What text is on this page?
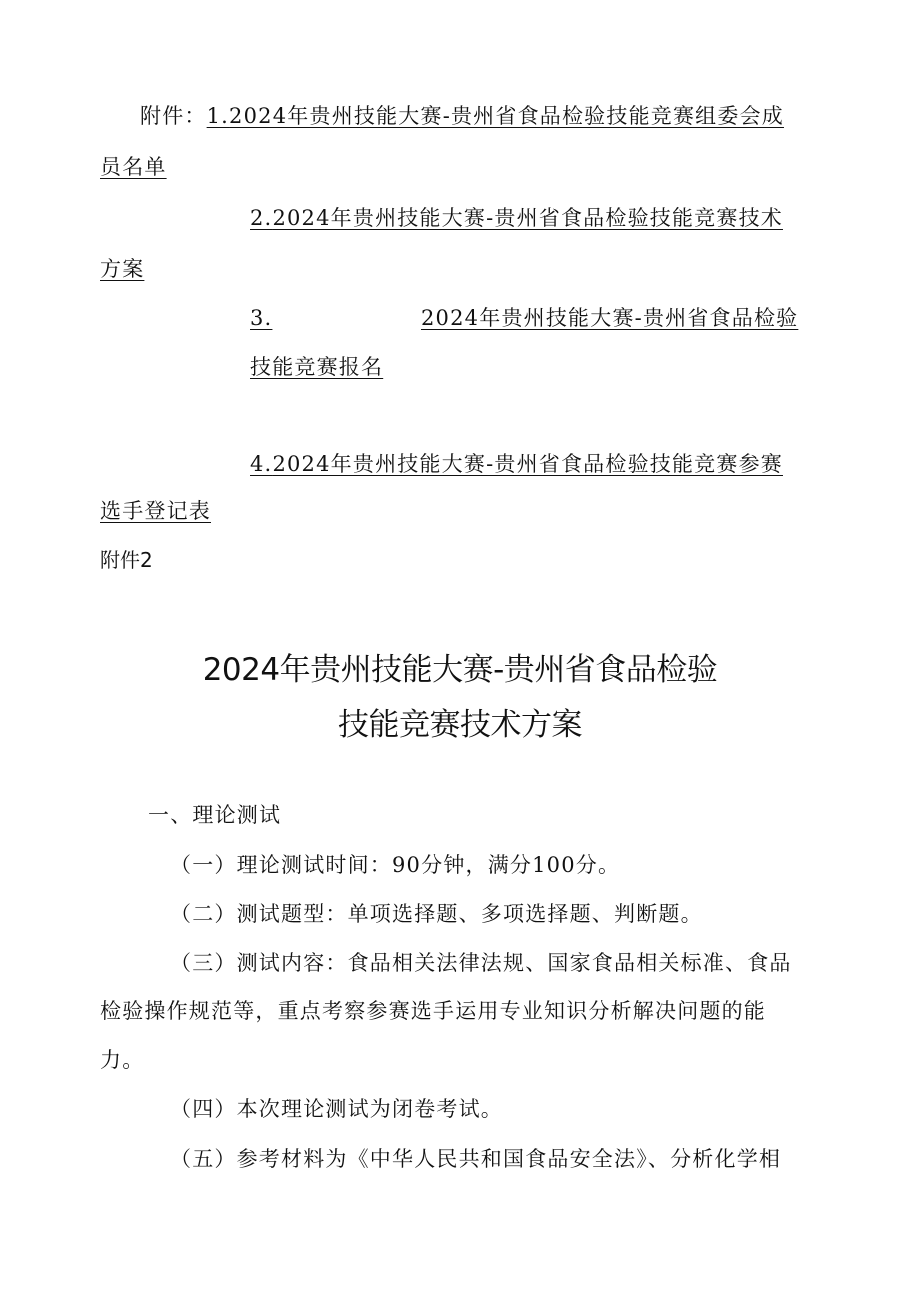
附件：1.2024年贵州技能大赛-贵州省食品检验技能竞赛组委会成
员名单
2.2024年贵州技能大赛-贵州省食品检验技能竞赛技术
方案
3.	2024年贵州技能大赛-贵州省食品检验
技能竞赛报名
4.2024年贵州技能大赛-贵州省食品检验技能竞赛参赛
选手登记表
附件2
2024年贵州技能大赛-贵州省食品检验
技能竞赛技术方案
一、理论测试
（一）理论测试时间：90分钟，满分100分。
（二）测试题型：单项选择题、多项选择题、判断题。
（三）测试内容：食品相关法律法规、国家食品相关标准、食品
检验操作规范等，重点考察参赛选手运用专业知识分析解决问题的能
力。
（四）本次理论测试为闭卷考试。
（五）参考材料为《中华人民共和国食品安全法》、分析化学相
